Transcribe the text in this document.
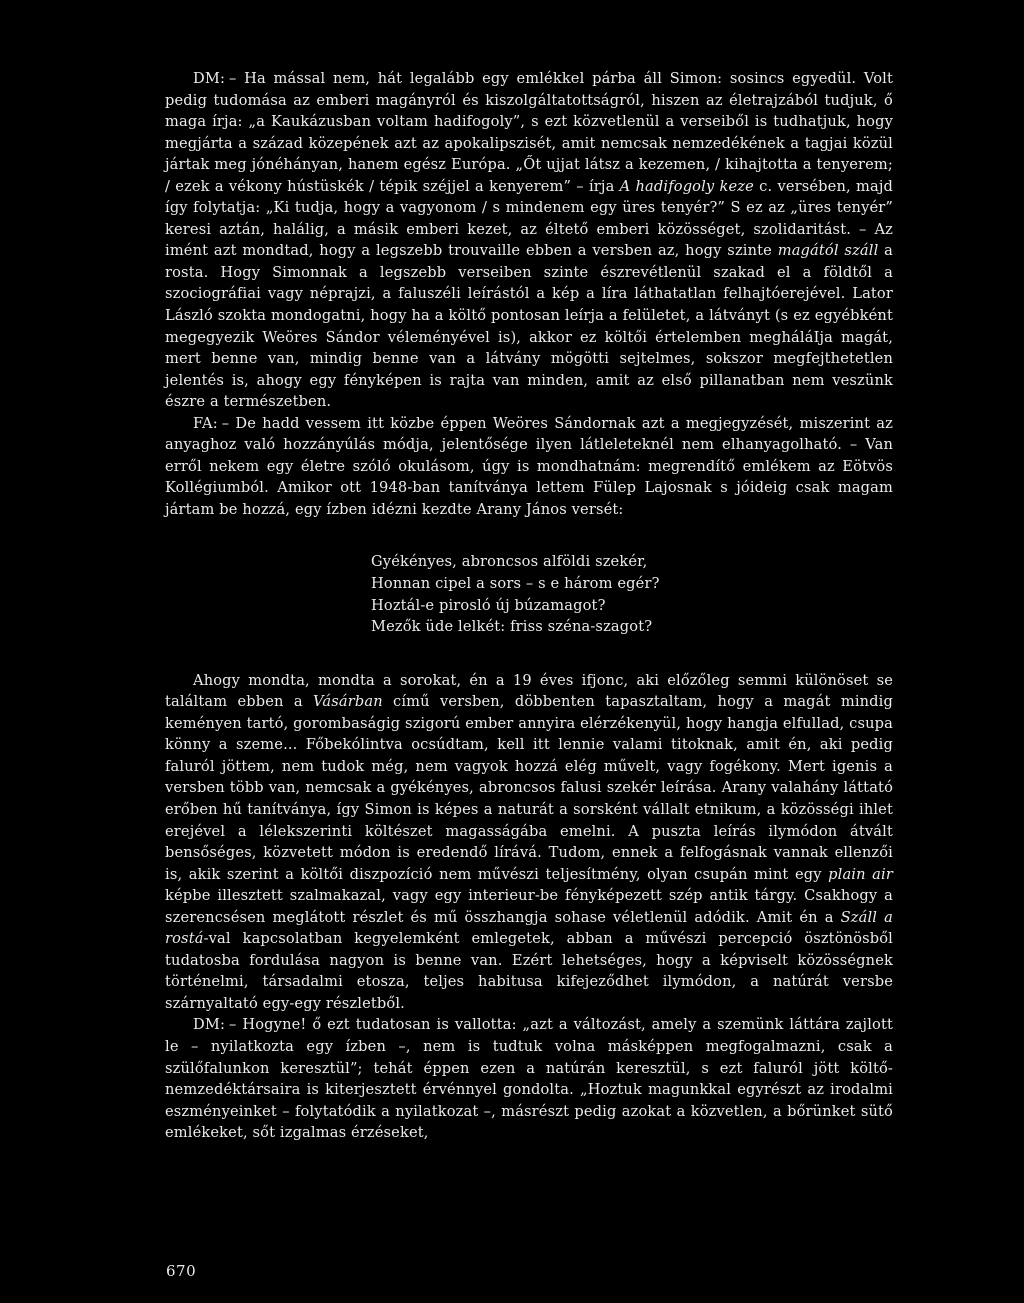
DM: – Ha mással nem, hát legalább egy emlékkel párba áll Simon: sosincs egyedül. Volt pedig tudomása az emberi magányról és kiszolgáltatottságról, hiszen az életrajzából tudjuk, ő maga írja: „a Kaukázusban voltam hadifogoly”, s ezt közvetlenül a verseiből is tudhatjuk, hogy megjárta a század közepének azt az apokalipszisét, amit nemcsak nemzedékének a tagjai közül jártak meg jónéhányan, hanem egész Európa. „Őt ujjat látsz a kezemen, / kihajtotta a tenyerem; / ezek a vékony hústüskék / tépik széjjel a kenyerem” – írja A hadifogoly keze c. versében, majd így folytatja: „Ki tudja, hogy a vagyonom / s mindenem egy üres tenyér?” S ez az „üres tenyér” keresi aztán, halálig, a másik emberi kezet, az éltető emberi közösséget, szolidaritást. – Az imént azt mondtad, hogy a legszebb trouvaille ebben a versben az, hogy szinte magától száll a rosta. Hogy Simonnak a legszebb verseiben szinte észrevétlenül szakad el a földtől a szociográfiai vagy néprajzi, a faluszéli leírástól a kép a líra láthatatlan felhajtóerejével. Lator László szokta mondogatni, hogy ha a költő pontosan leírja a felületet, a látványt (s ez egyébként megegyezik Weöres Sándor véleményével is), akkor ez költői értelemben megháláIja magát, mert benne van, mindig benne van a látvány mögötti sejtelmes, sokszor megfejthetetlen jelentés is, ahogy egy fényképen is rajta van minden, amit az első pillanatban nem veszünk észre a természetben.

FA: – De hadd vessem itt közbe éppen Weöres Sándornak azt a megjegyzését, miszerint az anyaghoz való hozzányúlás módja, jelentősége ilyen látleleteknél nem elhanyagolható. – Van erről nekem egy életre szóló okulásom, úgy is mondhatnám: megrendítő emlékem az Eötvös Kollégiumból. Amikor ott 1948-ban tanítványa lettem Fülep Lajosnak s jóideig csak magam jártam be hozzá, egy ízben idézni kezdte Arany János versét:

Gyékényes, abroncsos alföldi szekér,
Honnan cipel a sors – s e három egér?
Hoztál-e pirosló új búzamagot?
Mezők üde lelkét: friss széna-szagot?

Ahogy mondta, mondta a sorokat, én a 19 éves ifjonc, aki előzőleg semmi különöset se találtam ebben a Vásárban című versben, döbbenten tapasztaltam, hogy a magát mindig keményen tartó, gorombaságig szigorú ember annyira elérzékenyül, hogy hangja elfullad, csupa könny a szeme... Főbekólintva ocsúdtam, kell itt lennie valami titoknak, amit én, aki pedig faluról jöttem, nem tudok még, nem vagyok hozzá elég művelt, vagy fogékony. Mert igenis a versben több van, nemcsak a gyékényes, abroncsos falusi szekér leírása. Arany valahány láttató erőben hű tanítványa, így Simon is képes a naturát a sorsként vállalt etnikum, a közösségi ihlet erejével a lélekszerinti költészet magasságába emelni. A puszta leírás ilymódon átvált bensőséges, közvetett módon is eredendő lírává. Tudom, ennek a felfogásnak vannak ellenzői is, akik szerint a költői diszpozíció nem művészi teljesítmény, olyan csupán mint egy plain air képbe illesztett szalmakazal, vagy egy interieur-be fényképezett szép antik tárgy. Csakhogy a szerencsésen meglátott részlet és mű összhangja sohase véletlenül adódik. Amit én a Száll a rostá-val kapcsolatban kegyelemként emlegetek, abban a művészi percepció ösztönösből tudatosba fordulása nagyon is benne van. Ezért lehetséges, hogy a képviselt közösségnek történelmi, társadalmi etosza, teljes habitusa kifejeződhet ilymódon, a natúrát versbe szárnyaltató egy-egy részletből.

DM: – Hogyne! ő ezt tudatosan is vallotta: „azt a változást, amely a szemünk láttára zajlott le – nyilatkozta egy ízben –, nem is tudtuk volna másképpen megfogalmazni, csak a szülőfalunkon keresztül”; tehát éppen ezen a natúrán keresztül, s ezt faluról jött költő-nemzedéktársaira is kiterjesztett érvénnyel gondolta. „Hoztuk magunkkal egyrészt az irodalmi eszményeinket – folytatódik a nyilatkozat –, másrészt pedig azokat a közvetlen, a bőrünket sütő emlékeket, sőt izgalmas érzéseket,

670
